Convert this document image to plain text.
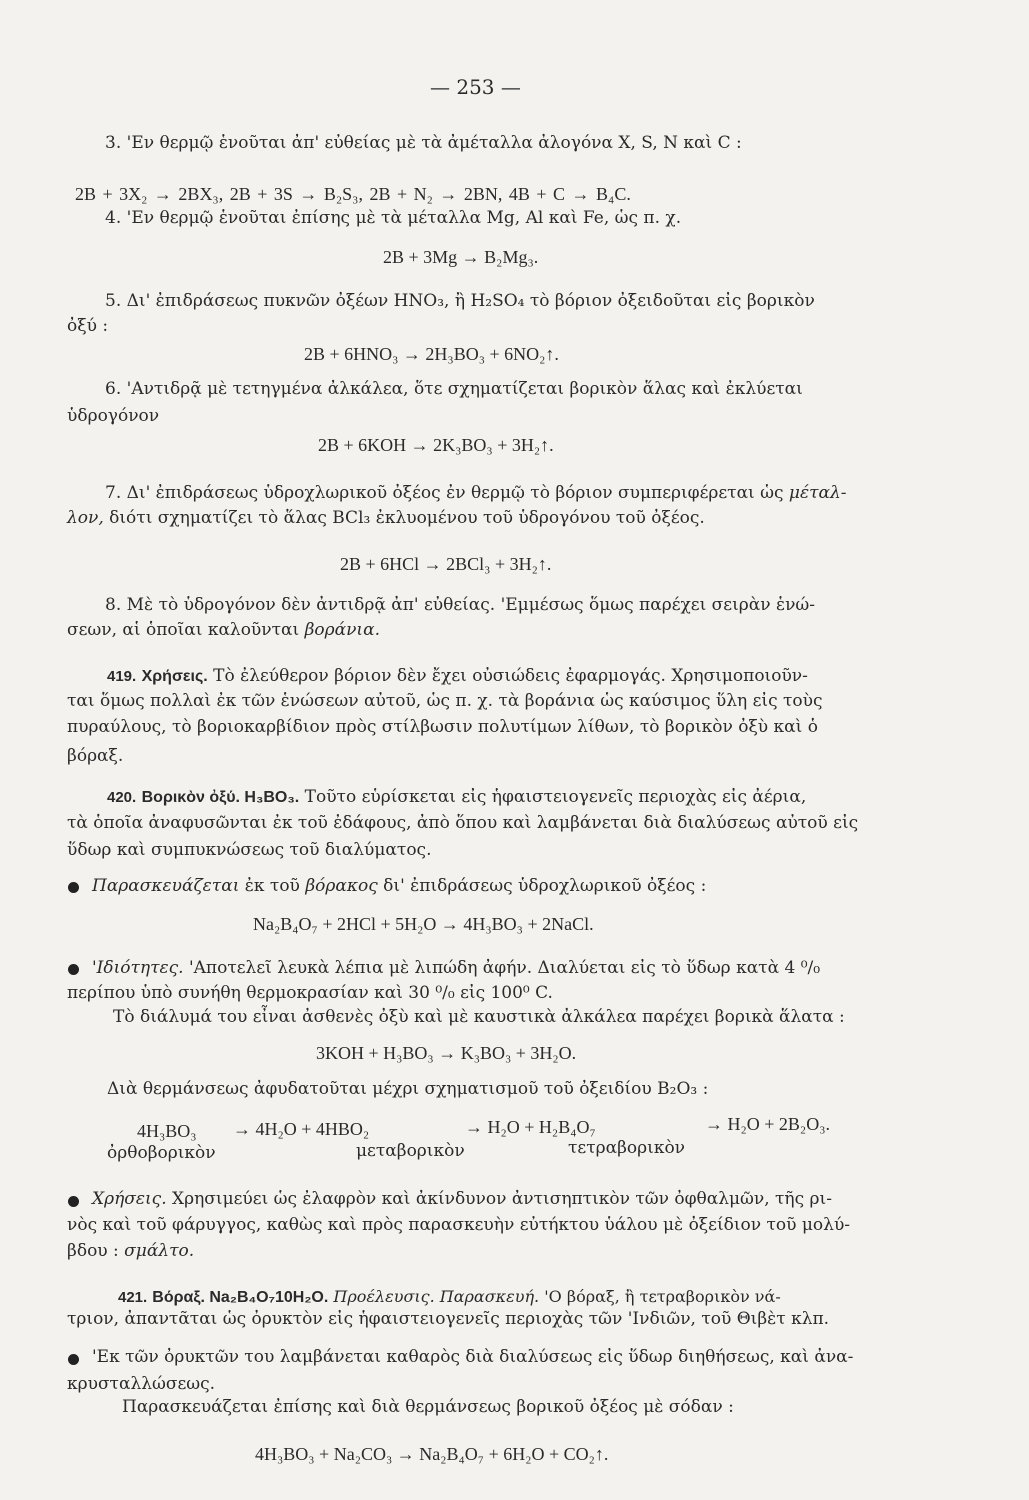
— 253 —
3. 'Εν θερμῷ ἑνοῦται ἀπ' εὐθείας μὲ τὰ ἀμέταλλα ἀλογόνα X, S, N καὶ C :
2B + 3X₂ → 2BX₃, 2B + 3S → B₂S₃, 2B + N₂ → 2BN, 4B + C → B₄C.
4. 'Εν θερμῷ ἑνοῦται ἐπίσης μὲ τὰ μέταλλα Mg, Al καὶ Fe, ὡς π. χ.
2B + 3Mg → B₂Mg₃.
5. Δι' ἐπιδράσεως πυκνῶν ὀξέων HNO₃, ἢ H₂SO₄ τὸ βόριον ὀξειδοῦται εἰς βορικὸν
ὀξύ :
2B + 6HNO₃ → 2H₃BO₃ + 6NO₂↑.
6. 'Αντιδρᾷ μὲ τετηγμένα ἀλκάλεα, ὅτε σχηματίζεται βορικὸν ἅλας καὶ ἐκλύεται
ὑδρογόνον
2B + 6KOH → 2K₃BO₃ + 3H₂↑.
7. Δι' ἐπιδράσεως ὑδροχλωρικοῦ ὀξέος ἐν θερμῷ τὸ βόριον συμπεριφέρεται ὡς μέταλ-
λον, διότι σχηματίζει τὸ ἅλας BCl₃ ἐκλυομένου τοῦ ὑδρογόνου τοῦ ὀξέος.
2B + 6HCl → 2BCl₃ + 3H₂↑.
8. Μὲ τὸ ὑδρογόνον δὲν ἀντιδρᾷ ἀπ' εὐθείας. 'Εμμέσως ὅμως παρέχει σειρὰν ἑνώ-
σεων, αἱ ὁποῖαι καλοῦνται βοράνια.
419. Χρήσεις. Τὸ ἐλεύθερον βόριον δὲν ἔχει οὐσιώδεις ἐφαρμογάς. Χρησιμοποιοῦν-
ται ὅμως πολλαὶ ἐκ τῶν ἑνώσεων αὐτοῦ, ὡς π. χ. τὰ βοράνια ὡς καύσιμος ὕλη εἰς τοὺς
πυραύλους, τὸ βοριοκαρβίδιον πρὸς στίλβωσιν πολυτίμων λίθων, τὸ βορικὸν ὀξὺ καὶ ὁ
βόραξ.
420. Βορικὸν ὀξύ. H₃BO₃. Τοῦτο εὑρίσκεται εἰς ἡφαιστειογενεῖς περιοχὰς εἰς ἀέρια,
τὰ ὁποῖα ἀναφυσῶνται ἐκ τοῦ ἐδάφους, ἀπὸ ὅπου καὶ λαμβάνεται διὰ διαλύσεως αὐτοῦ εἰς
ὕδωρ καὶ συμπυκνώσεως τοῦ διαλύματος.
Παρασκευάζεται ἐκ τοῦ βόρακος δι' ἐπιδράσεως ὑδροχλωρικοῦ ὀξέος :
Na₂B₄O₇ + 2HCl + 5H₂O → 4H₃BO₃ + 2NaCl.
'Ιδιότητες. 'Αποτελεῖ λευκὰ λέπια μὲ λιπώδη ἀφήν. Διαλύεται εἰς τὸ ὕδωρ κατὰ 4 ⁰/₀
περίπου ὑπὸ συνήθη θερμοκρασίαν καὶ 30 ⁰/₀ εἰς 100⁰ C.
Τὸ διάλυμά του εἶναι ἀσθενὲς ὀξὺ καὶ μὲ καυστικὰ ἀλκάλεα παρέχει βορικὰ ἅλατα :
3KOH + H₃BO₃ → K₃BO₃ + 3H₂O.
Διὰ θερμάνσεως ἀφυδατοῦται μέχρι σχηματισμοῦ τοῦ ὀξειδίου B₂O₃ :
4H₃BO₃ → 4H₂O + 4HBO₂	→ H₂O + H₂B₄O₇	→ H₂O + 2B₂O₃.
ὀρθοβορικὸν	μεταβορικὸν	τετραβορικὸν
Χρήσεις. Χρησιμεύει ὡς ἐλαφρὸν καὶ ἀκίνδυνον ἀντισηπτικὸν τῶν ὀφθαλμῶν, τῆς ρι-
νὸς καὶ τοῦ φάρυγγος, καθὼς καὶ πρὸς παρασκευὴν εὐτήκτου ὑάλου μὲ ὀξείδιον τοῦ μολύ-
βδου : σμάλτο.
421. Βόραξ. Na₂B₄O₇10H₂O. Προέλευσις. Παρασκευή. 'Ο βόραξ, ἢ τετραβορικὸν νά-
τριον, ἀπαντᾶται ὡς ὀρυκτὸν εἰς ἡφαιστειογενεῖς περιοχὰς τῶν 'Ινδιῶν, τοῦ Θιβὲτ κλπ.
'Εκ τῶν ὀρυκτῶν του λαμβάνεται καθαρὸς διὰ διαλύσεως εἰς ὕδωρ διηθήσεως, καὶ ἀνα-
κρυσταλλώσεως.
Παρασκευάζεται ἐπίσης καὶ διὰ θερμάνσεως βορικοῦ ὀξέος μὲ σόδαν :
4H₃BO₃ + Na₂CO₃ → Na₂B₄O₇ + 6H₂O + CO₂↑.
